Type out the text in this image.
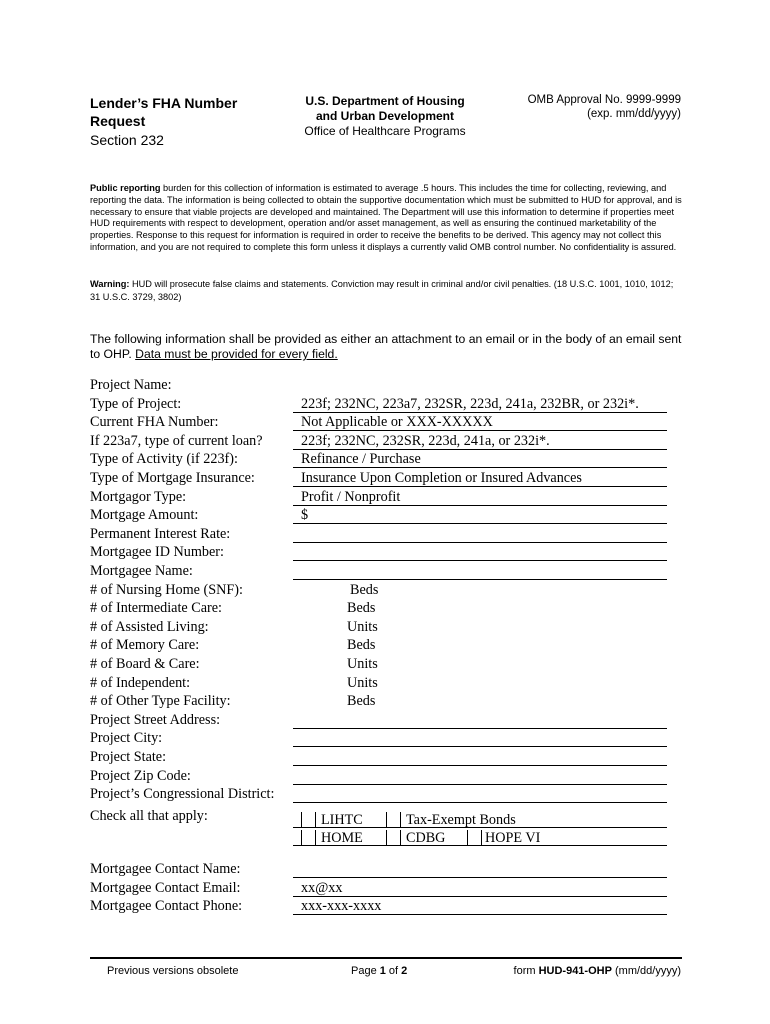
Lender’s FHA Number
Request
Section 232
U.S. Department of Housing
and Urban Development
Office of Healthcare Programs
OMB Approval No. 9999-9999
(exp. mm/dd/yyyy)
Public reporting burden for this collection of information is estimated to average .5 hours. This includes the time for collecting, reviewing, and reporting the data. The information is being collected to obtain the supportive documentation which must be submitted to HUD for approval, and is necessary to ensure that viable projects are developed and maintained. The Department will use this information to determine if properties meet HUD requirements with respect to development, operation and/or asset management, as well as ensuring the continued marketability of the properties. Response to this request for information is required in order to receive the benefits to be derived. This agency may not collect this information, and you are not required to complete this form unless it displays a currently valid OMB control number. No confidentiality is assured.
Warning: HUD will prosecute false claims and statements. Conviction may result in criminal and/or civil penalties. (18 U.S.C. 1001, 1010, 1012; 31 U.S.C. 3729, 3802)
The following information shall be provided as either an attachment to an email or in the body of an email sent to OHP. Data must be provided for every field.
Project Name:
Type of Project:	223f; 232NC, 223a7, 232SR, 223d, 241a, 232BR, or 232i*.
Current FHA Number:	Not Applicable or XXX-XXXXX
If 223a7, type of current loan?	223f; 232NC, 232SR, 223d, 241a, or 232i*.
Type of Activity (if 223f):	Refinance / Purchase
Type of Mortgage Insurance:	Insurance Upon Completion or Insured Advances
Mortgagor Type:	Profit / Nonprofit
Mortgage Amount:	$
Permanent Interest Rate:
Mortgagee ID Number:
Mortgagee Name:
# of Nursing Home (SNF):	Beds
# of Intermediate Care:	Beds
# of Assisted Living:	Units
# of Memory Care:	Beds
# of Board & Care:	Units
# of Independent:	Units
# of Other Type Facility:	Beds
Project Street Address:
Project City:
Project State:
Project Zip Code:
Project’s Congressional District:
Check all that apply:	LIHTC	Tax-Exempt Bonds
HOME	CDBG	HOPE VI
Mortgagee Contact Name:
Mortgagee Contact Email:	xx@xx
Mortgagee Contact Phone:	xxx-xxx-xxxx
Previous versions obsolete	Page 1 of 2	form HUD-941-OHP (mm/dd/yyyy)
